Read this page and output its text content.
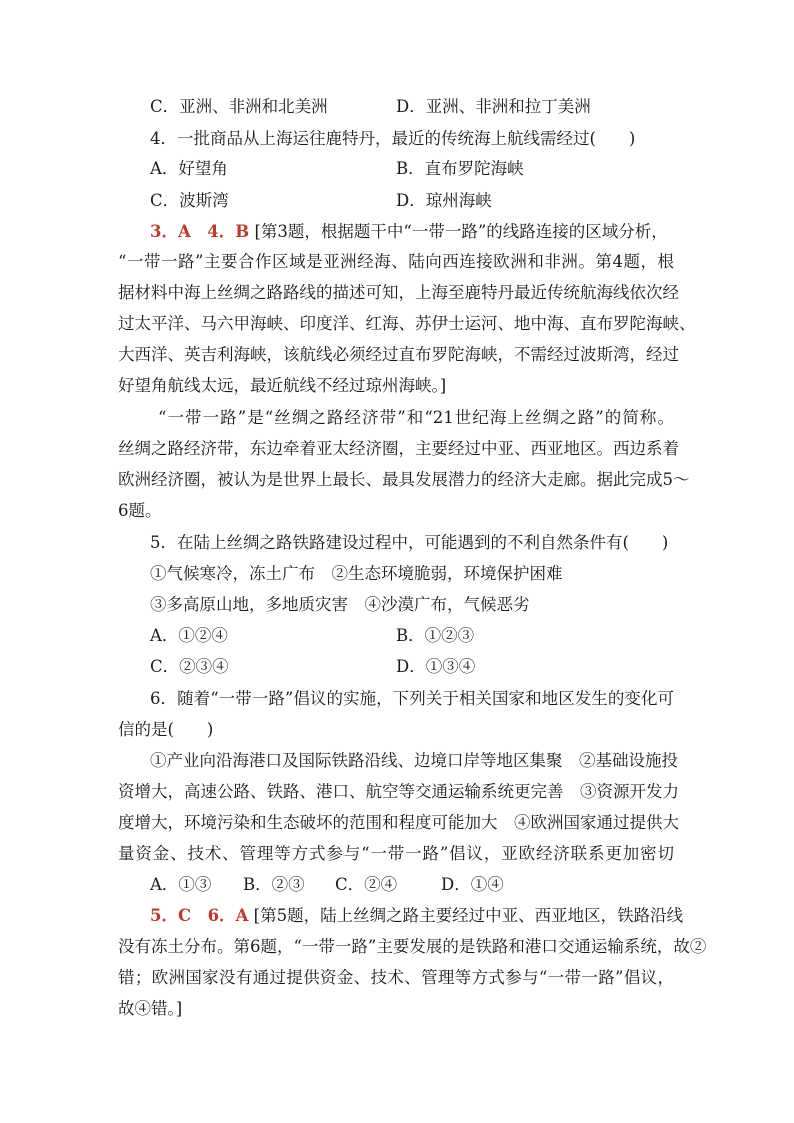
C．亚洲、非洲和北美洲	D．亚洲、非洲和拉丁美洲
4．一批商品从上海运往鹿特丹，最近的传统海上航线需经过(　　)
A．好望角	B．直布罗陀海峡
C．波斯湾	D．琼州海峡
3．A　4．B [第3题，根据题干中“一带一路”的线路连接的区域分析，
“一带一路”主要合作区域是亚洲经海、陆向西连接欧洲和非洲。第4题，根
据材料中海上丝绸之路路线的描述可知，上海至鹿特丹最近传统航海线依次经
过太平洋、马六甲海峡、印度洋、红海、苏伊士运河、地中海、直布罗陀海峡、
大西洋、英吉利海峡，该航线必须经过直布罗陀海峡，不需经过波斯湾，经过
好望角航线太远，最近航线不经过琼州海峡。]
“一带一路”是“丝绸之路经济带”和“21世纪海上丝绸之路”的简称。
丝绸之路经济带，东边牵着亚太经济圈，主要经过中亚、西亚地区。西边系着
欧洲经济圈，被认为是世界上最长、最具发展潜力的经济大走廊。据此完成5～
6题。
5．在陆上丝绸之路铁路建设过程中，可能遇到的不利自然条件有(　　)
①气候寒冷，冻土广布　②生态环境脆弱，环境保护困难
③多高原山地，多地质灾害　④沙漠广布，气候恶劣
A．①②④	B．①②③
C．②③④	D．①③④
6．随着“一带一路”倡议的实施，下列关于相关国家和地区发生的变化可
信的是(　　)
①产业向沿海港口及国际铁路沿线、边境口岸等地区集聚　②基础设施投
资增大，高速公路、铁路、港口、航空等交通运输系统更完善　③资源开发力
度增大，环境污染和生态破坏的范围和程度可能加大　④欧洲国家通过提供大
量资金、技术、管理等方式参与“一带一路”倡议，亚欧经济联系更加密切
A．①③ B．②③ C．②④	D．①④
5．C　6．A [第5题，陆上丝绸之路主要经过中亚、西亚地区，铁路沿线
没有冻土分布。第6题，“一带一路”主要发展的是铁路和港口交通运输系统，故②
错；欧洲国家没有通过提供资金、技术、管理等方式参与“一带一路”倡议，
故④错。]
